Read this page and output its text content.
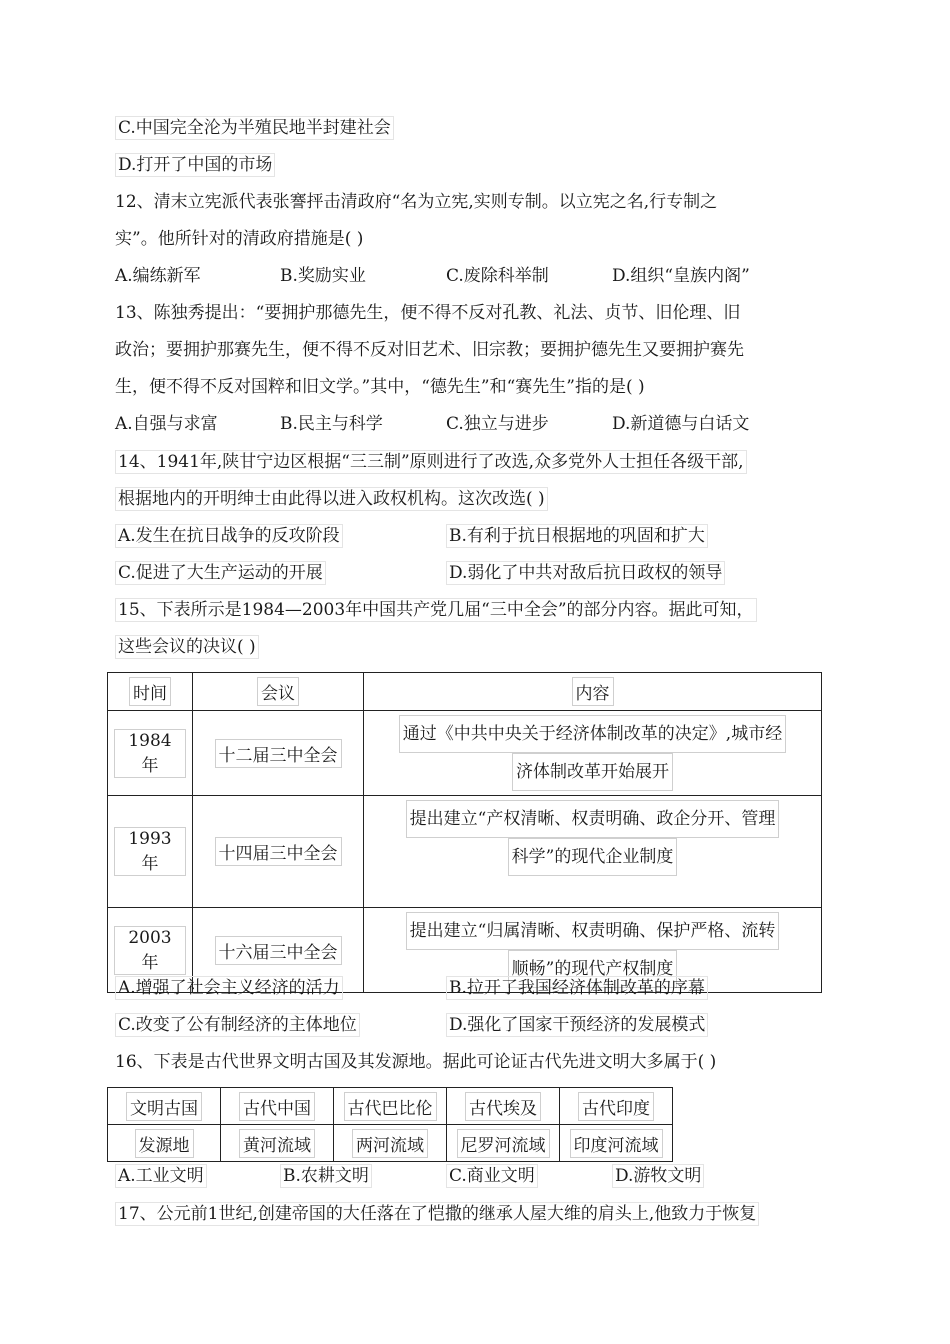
C.中国完全沦为半殖民地半封建社会
D.打开了中国的市场
12、清末立宪派代表张謇抨击清政府“名为立宪,实则专制。以立宪之名,行专制之
实”。他所针对的清政府措施是( )
A.编练新军	B.奖励实业	C.废除科举制	D.组织“皇族内阁”
13、陈独秀提出：“要拥护那德先生，便不得不反对孔教、礼法、贞节、旧伦理、旧
政治；要拥护那赛先生，便不得不反对旧艺术、旧宗教；要拥护德先生又要拥护赛先
生，便不得不反对国粹和旧文学。”其中，“德先生”和“赛先生”指的是( )
A.自强与求富	B.民主与科学	C.独立与进步	D.新道德与白话文
14、1941年,陕甘宁边区根据“三三制”原则进行了改选,众多党外人士担任各级干部,
根据地内的开明绅士由此得以进入政权机构。这次改选( )
A.发生在抗日战争的反攻阶段	B.有利于抗日根据地的巩固和扩大
C.促进了大生产运动的开展	D.弱化了中共对敌后抗日政权的领导
15、下表所示是1984—2003年中国共产党几届“三中全会”的部分内容。据此可知，
这些会议的决议( )
时间	会议	内容
1984 年	十二届三中全会	通过《中共中央关于经济体制改革的决定》,城市经
济体制改革开始展开

1993 年	十四届三中全会	提出建立“产权清晰、权责明确、政企分开、管理
科学”的现代企业制度

2003 年	十六届三中全会	提出建立“归属清晰、权责明确、保护严格、流转
顺畅”的现代产权制度
A.增强了社会主义经济的活力	B.拉开了我国经济体制改革的序幕
C.改变了公有制经济的主体地位	D.强化了国家干预经济的发展模式
16、下表是古代世界文明古国及其发源地。据此可论证古代先进文明大多属于( )
文明古国	古代中国	古代巴比伦	古代埃及	古代印度
发源地	黄河流域	两河流域	尼罗河流域	印度河流域
A.工业文明	B.农耕文明	C.商业文明	D.游牧文明
17、公元前1世纪,创建帝国的大任落在了恺撒的继承人屋大维的肩头上,他致力于恢复
